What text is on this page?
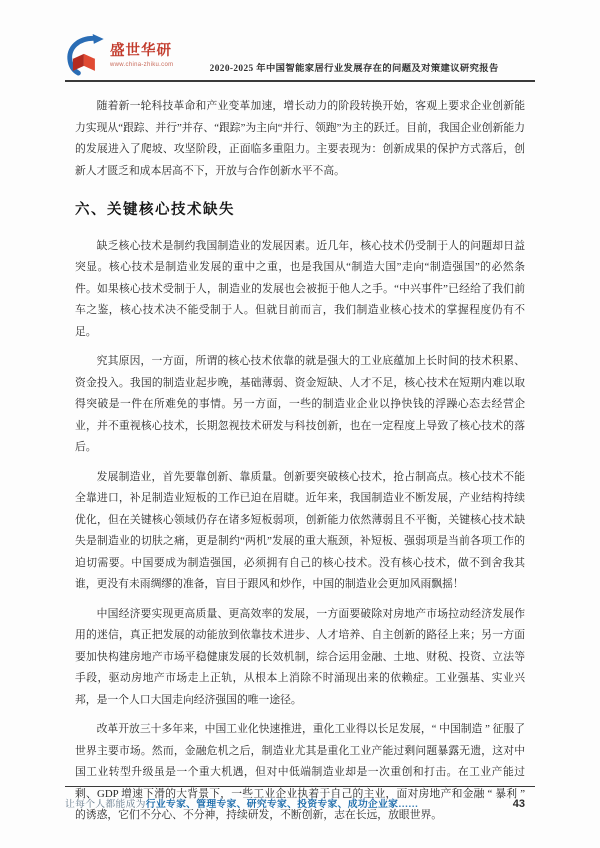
盛世华研
www.china-zhiku.com	2020-2025 年中国智能家居行业发展存在的问题及对策建议研究报告

随着新一轮科技革命和产业变革加速，增长动力的阶段转换开始，客观上要求企业创新能力实现从“跟踪、并行”并存、“跟踪”为主向“并行、领跑”为主的跃迁。目前，我国企业创新能力的发展进入了爬坡、攻坚阶段，正面临多重阻力。主要表现为：创新成果的保护方式落后，创新人才匮乏和成本居高不下，开放与合作创新水平不高。

六、关键核心技术缺失

缺乏核心技术是制约我国制造业的发展因素。近几年，核心技术仍受制于人的问题却日益突显。核心技术是制造业发展的重中之重，也是我国从“制造大国”走向“制造强国”的必然条件。如果核心技术受制于人，制造业的发展也会被扼于他人之手。“中兴事件”已经给了我们前车之鉴，核心技术决不能受制于人。但就目前而言，我们制造业核心技术的掌握程度仍有不足。

究其原因，一方面，所谓的核心技术依靠的就是强大的工业底蕴加上长时间的技术积累、资金投入。我国的制造业起步晚，基础薄弱、资金短缺、人才不足，核心技术在短期内难以取得突破是一件在所难免的事情。另一方面，一些的制造业企业以挣快钱的浮躁心态去经营企业，并不重视核心技术，长期忽视技术研发与科技创新，也在一定程度上导致了核心技术的落后。

发展制造业，首先要靠创新、靠质量。创新要突破核心技术，抢占制高点。核心技术不能全靠进口，补足制造业短板的工作已迫在眉睫。近年来，我国制造业不断发展，产业结构持续优化，但在关键核心领域仍存在诸多短板弱项，创新能力依然薄弱且不平衡，关键核心技术缺失是制造业的切肤之痛，更是制约“两机”发展的重大瓶颈，补短板、强弱项是当前各项工作的迫切需要。中国要成为制造强国，必须拥有自己的核心技术。没有核心技术，做不到舍我其谁，更没有未雨绸缪的准备，盲目于跟风和炒作，中国的制造业会更加风雨飘摇！

中国经济要实现更高质量、更高效率的发展，一方面要破除对房地产市场拉动经济发展作用的迷信，真正把发展的动能放到依靠技术进步、人才培养、自主创新的路径上来；另一方面要加快构建房地产市场平稳健康发展的长效机制，综合运用金融、土地、财税、投资、立法等手段，驱动房地产市场走上正轨，从根本上消除不时涌现出来的依赖症。工业强基、实业兴邦，是一个人口大国走向经济强国的唯一途径。

改革开放三十多年来，中国工业化快速推进，重化工业得以长足发展，“ 中国制造 ” 征服了世界主要市场。然而，金融危机之后，制造业尤其是重化工业产能过剩问题暴露无遗，这对中国工业转型升级虽是一个重大机遇，但对中低端制造业却是一次重创和打击。在工业产能过剩、GDP 增速下滑的大背景下，一些工业企业执着于自己的主业，面对房地产和金融 “ 暴利 ” 的诱惑，它们不分心、不分神，持续研发，不断创新，志在长远，放眼世界。

让每个人都能成为行业专家、管理专家、研究专家、投资专家、成功企业家……	43
